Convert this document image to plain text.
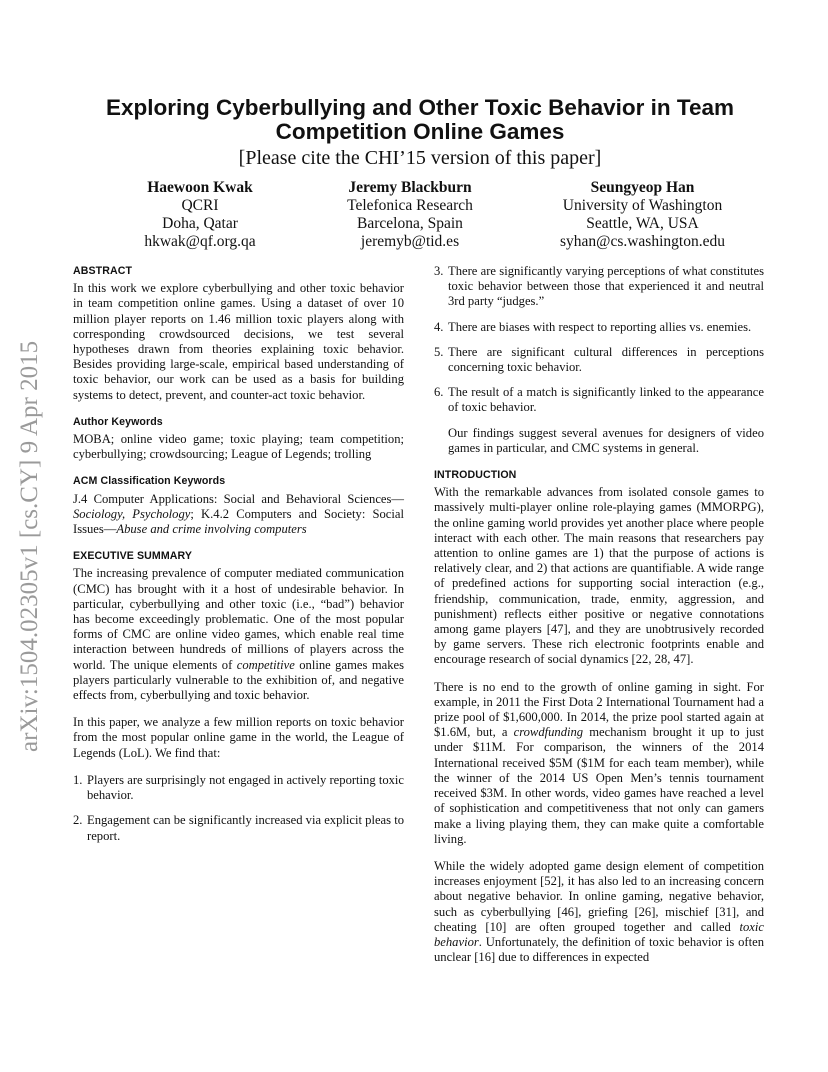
arXiv:1504.02305v1 [cs.CY] 9 Apr 2015
Exploring Cyberbullying and Other Toxic Behavior in Team Competition Online Games
[Please cite the CHI’15 version of this paper]
Haewoon Kwak
QCRI
Doha, Qatar
hkwak@qf.org.qa
Jeremy Blackburn
Telefonica Research
Barcelona, Spain
jeremyb@tid.es
Seungyeop Han
University of Washington
Seattle, WA, USA
syhan@cs.washington.edu
ABSTRACT

In this work we explore cyberbullying and other toxic behavior in team competition online games. Using a dataset of over 10 million player reports on 1.46 million toxic players along with corresponding crowdsourced decisions, we test several hypotheses drawn from theories explaining toxic behavior. Besides providing large-scale, empirical based understanding of toxic behavior, our work can be used as a basis for building systems to detect, prevent, and counter-act toxic behavior.

Author Keywords

MOBA; online video game; toxic playing; team competition; cyberbullying; crowdsourcing; League of Legends; trolling

ACM Classification Keywords

J.4 Computer Applications: Social and Behavioral Sciences—Sociology, Psychology; K.4.2 Computers and Society: Social Issues—Abuse and crime involving computers

EXECUTIVE SUMMARY

The increasing prevalence of computer mediated communication (CMC) has brought with it a host of undesirable behavior. In particular, cyberbullying and other toxic (i.e., “bad”) behavior has become exceedingly problematic. One of the most popular forms of CMC are online video games, which enable real time interaction between hundreds of millions of players across the world. The unique elements of competitive online games makes players particularly vulnerable to the exhibition of, and negative effects from, cyberbullying and toxic behavior.

In this paper, we analyze a few million reports on toxic behavior from the most popular online game in the world, the League of Legends (LoL). We find that:

1. Players are surprisingly not engaged in actively reporting toxic behavior.
2. Engagement can be significantly increased via explicit pleas to report.
3. There are significantly varying perceptions of what constitutes toxic behavior between those that experienced it and neutral 3rd party “judges.”
4. There are biases with respect to reporting allies vs. enemies.
5. There are significant cultural differences in perceptions concerning toxic behavior.
6. The result of a match is significantly linked to the appearance of toxic behavior.

Our findings suggest several avenues for designers of video games in particular, and CMC systems in general.

INTRODUCTION

With the remarkable advances from isolated console games to massively multi-player online role-playing games (MMORPG), the online gaming world provides yet another place where people interact with each other. The main reasons that researchers pay attention to online games are 1) that the purpose of actions is relatively clear, and 2) that actions are quantifiable. A wide range of predefined actions for supporting social interaction (e.g., friendship, communication, trade, enmity, aggression, and punishment) reflects either positive or negative connotations among game players [47], and they are unobtrusively recorded by game servers. These rich electronic footprints enable and encourage research of social dynamics [22, 28, 47].

There is no end to the growth of online gaming in sight. For example, in 2011 the First Dota 2 International Tournament had a prize pool of $1,600,000. In 2014, the prize pool started again at $1.6M, but, a crowdfunding mechanism brought it up to just under $11M. For comparison, the winners of the 2014 International received $5M ($1M for each team member), while the winner of the 2014 US Open Men’s tennis tournament received $3M. In other words, video games have reached a level of sophistication and competitiveness that not only can gamers make a living playing them, they can make quite a comfortable living.

While the widely adopted game design element of competition increases enjoyment [52], it has also led to an increasing concern about negative behavior. In online gaming, negative behavior, such as cyberbullying [46], griefing [26], mischief [31], and cheating [10] are often grouped together and called toxic behavior. Unfortunately, the definition of toxic behavior is often unclear [16] due to differences in expected
